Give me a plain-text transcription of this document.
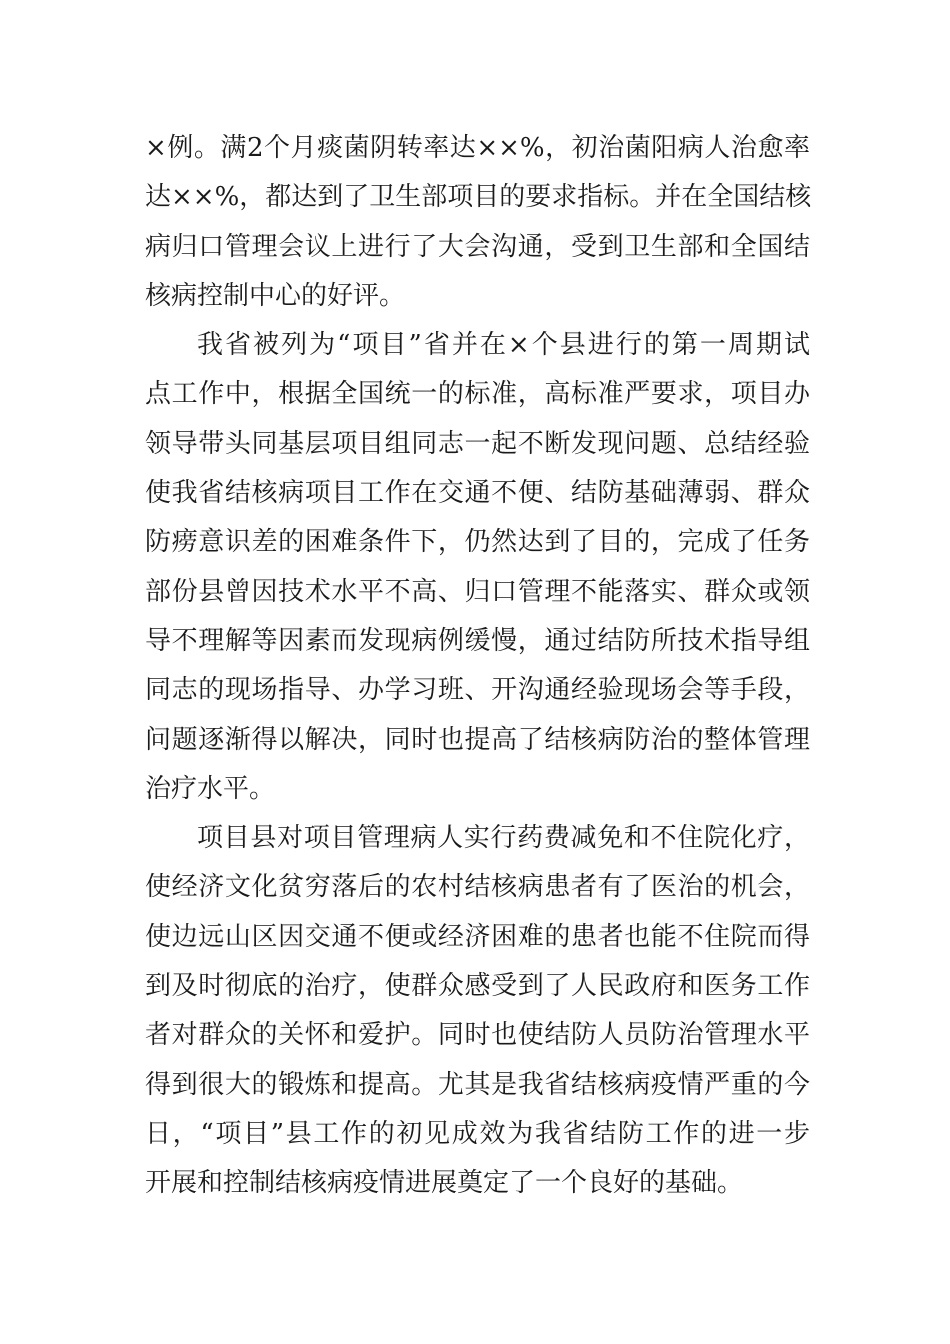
×例。满2个月痰菌阴转率达××%，初治菌阳病人治愈率
达××%，都达到了卫生部项目的要求指标。并在全国结核
病归口管理会议上进行了大会沟通，受到卫生部和全国结
核病控制中心的好评。

我省被列为“项目”省并在×个县进行的第一周期试
点工作中，根据全国统一的标准，高标准严要求，项目办
领导带头同基层项目组同志一起不断发现问题、总结经验
使我省结核病项目工作在交通不便、结防基础薄弱、群众
防痨意识差的困难条件下，仍然达到了目的，完成了任务
部份县曾因技术水平不高、归口管理不能落实、群众或领
导不理解等因素而发现病例缓慢，通过结防所技术指导组
同志的现场指导、办学习班、开沟通经验现场会等手段，
问题逐渐得以解决，同时也提高了结核病防治的整体管理
治疗水平。

项目县对项目管理病人实行药费减免和不住院化疗，
使经济文化贫穷落后的农村结核病患者有了医治的机会，
使边远山区因交通不便或经济困难的患者也能不住院而得
到及时彻底的治疗，使群众感受到了人民政府和医务工作
者对群众的关怀和爱护。同时也使结防人员防治管理水平
得到很大的锻炼和提高。尤其是我省结核病疫情严重的今
日，“项目”县工作的初见成效为我省结防工作的进一步
开展和控制结核病疫情进展奠定了一个良好的基础。
